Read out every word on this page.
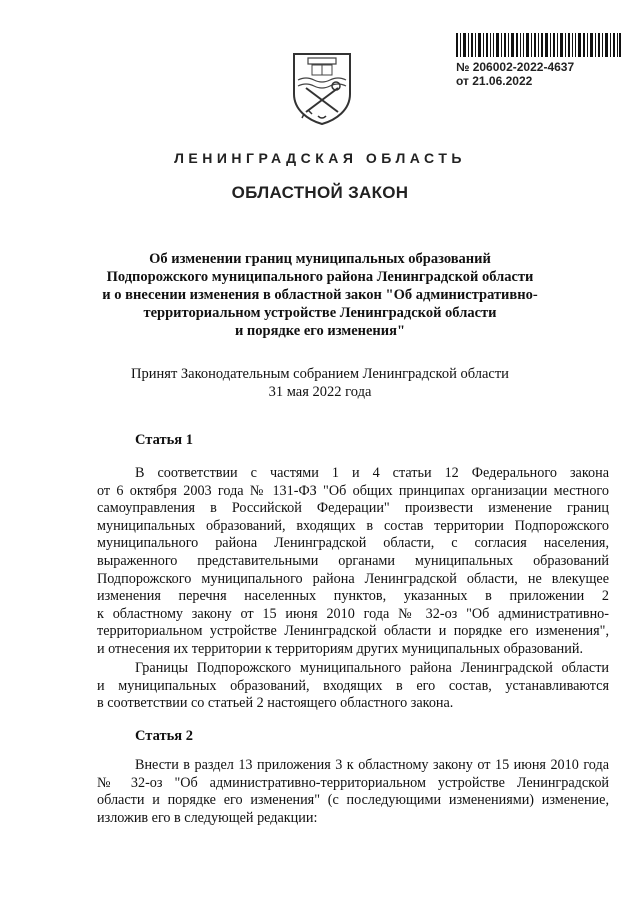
№ 206002-2022-4637
от 21.06.2022
ЛЕНИНГРАДСКАЯ ОБЛАСТЬ
ОБЛАСТНОЙ ЗАКОН
Об изменении границ муниципальных образований
Подпорожского муниципального района Ленинградской области
и о внесении изменения в областной закон "Об административно-
территориальном устройстве Ленинградской области
и порядке его изменения"
Принят Законодательным собранием Ленинградской области
31 мая 2022 года
Статья 1
В соответствии с частями 1 и 4 статьи 12 Федерального закона
от 6 октября 2003 года № 131-ФЗ "Об общих принципах организации местного
самоуправления в Российской Федерации" произвести изменение границ
муниципальных образований, входящих в состав территории Подпорожского
муниципального района Ленинградской области, с согласия населения,
выраженного представительными органами муниципальных образований
Подпорожского муниципального района Ленинградской области, не влекущее
изменения перечня населенных пунктов, указанных в приложении 2
к областному закону от 15 июня 2010 года № 32-оз "Об административно-
территориальном устройстве Ленинградской области и порядке его изменения",
и отнесения их территории к территориям других муниципальных образований.
Границы Подпорожского муниципального района Ленинградской области
и муниципальных образований, входящих в его состав, устанавливаются
в соответствии со статьей 2 настоящего областного закона.
Статья 2
Внести в раздел 13 приложения 3 к областному закону от 15 июня 2010 года
№ 32-оз "Об административно-территориальном устройстве Ленинградской
области и порядке его изменения" (с последующими изменениями) изменение,
изложив его в следующей редакции:
